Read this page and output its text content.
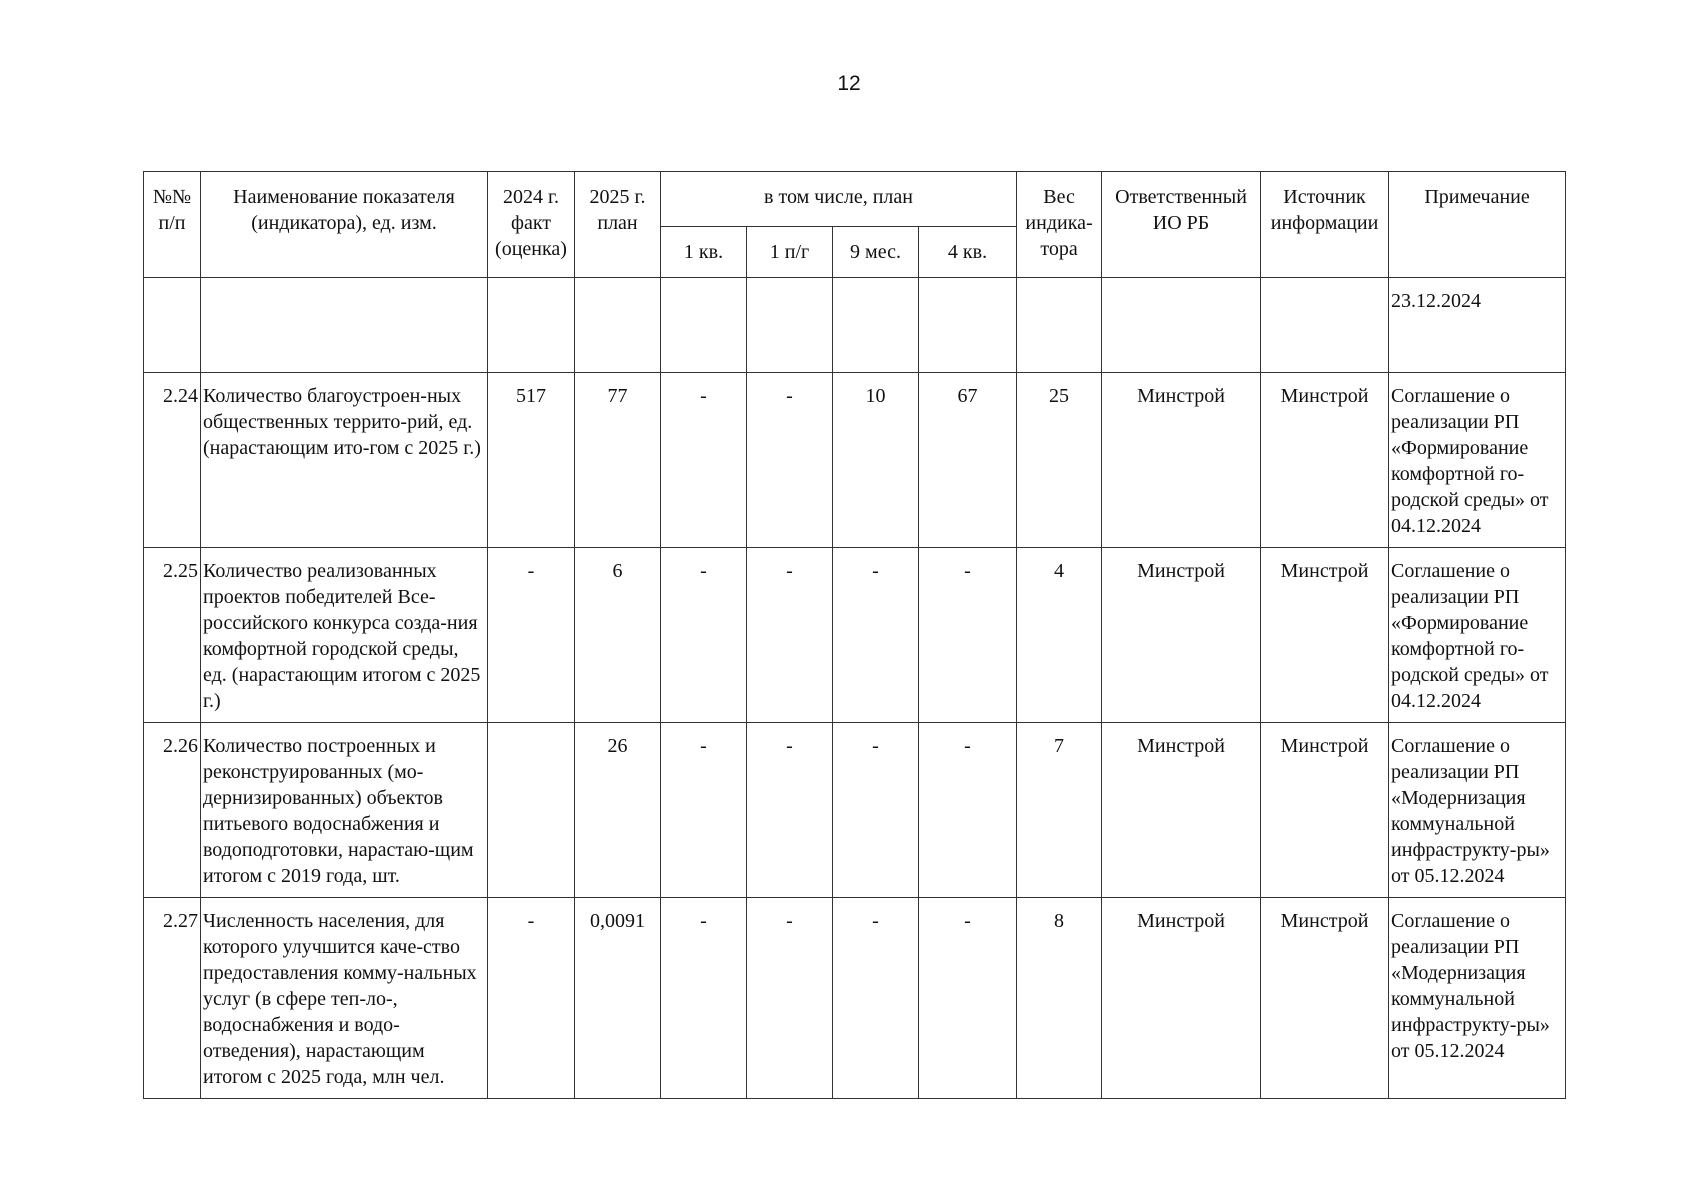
12
№№ п/п	Наименование показателя (индикатора), ед. изм.	2024 г. факт (оценка)	2025 г. план	в том числе, план				Вес индика-тора	Ответственный ИО РБ	Источник информации	Примечание
				1 кв.	1 п/г	9 мес.	4 кв.				
											23.12.2024
2.24	Количество благоустроен-ных общественных террито-рий, ед. (нарастающим ито-гом с 2025 г.)	517	77	-	-	10	67	25	Минстрой	Минстрой	Соглашение о реализации РП «Формирование комфортной го-родской среды» от 04.12.2024
2.25	Количество реализованных проектов победителей Все-российского конкурса созда-ния комфортной городской среды, ед. (нарастающим итогом с 2025 г.)	-	6	-	-	-	-	4	Минстрой	Минстрой	Соглашение о реализации РП «Формирование комфортной го-родской среды» от 04.12.2024
2.26	Количество построенных и реконструированных (мо-дернизированных) объектов питьевого водоснабжения и водоподготовки, нарастаю-щим итогом с 2019 года, шт.		26	-	-	-	-	7	Минстрой	Минстрой	Соглашение о реализации РП «Модернизация коммунальной инфраструкту-ры» от 05.12.2024
2.27	Численность населения, для которого улучшится каче-ство предоставления комму-нальных услуг (в сфере теп-ло-, водоснабжения и водо-отведения), нарастающим итогом с 2025 года, млн чел.	-	0,0091	-	-	-	-	8	Минстрой	Минстрой	Соглашение о реализации РП «Модернизация коммунальной инфраструкту-ры» от 05.12.2024
